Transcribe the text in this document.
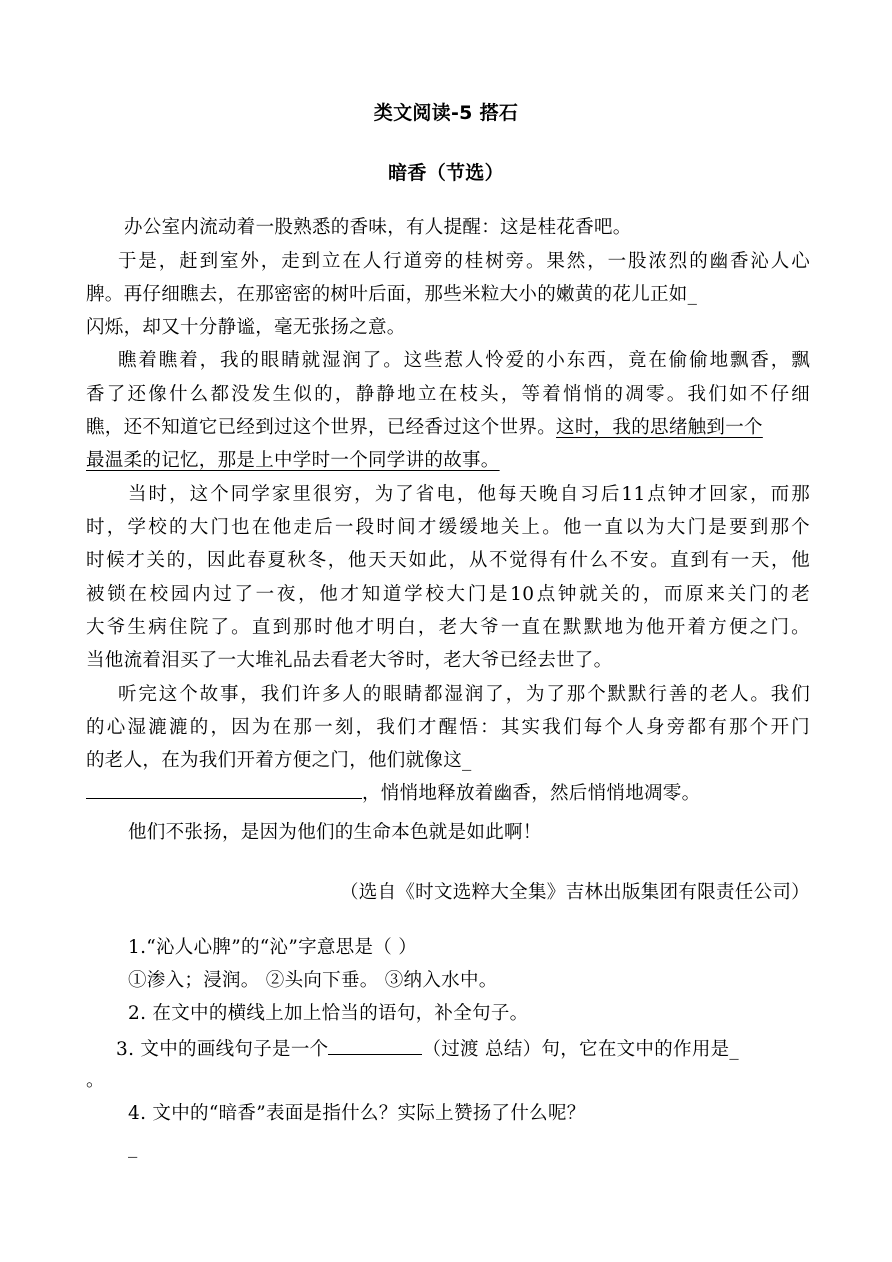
类文阅读-5 搭石
暗香（节选）
办公室内流动着一股熟悉的香味，有人提醒：这是桂花香吧。
于是，赶到室外，走到立在人行道旁的桂树旁。果然，一股浓烈的幽香沁人心
脾。再仔细瞧去，在那密密的树叶后面，那些米粒大小的嫩黄的花儿正如_
闪烁，却又十分静谧，毫无张扬之意。
瞧着瞧着，我的眼睛就湿润了。这些惹人怜爱的小东西，竟在偷偷地飘香，飘
香了还像什么都没发生似的，静静地立在枝头，等着悄悄的凋零。我们如不仔细
瞧，还不知道它已经到过这个世界，已经香过这个世界。这时，我的思绪触到一个
最温柔的记忆，那是上中学时一个同学讲的故事。
当时，这个同学家里很穷，为了省电，他每天晚自习后11点钟才回家，而那
时，学校的大门也在他走后一段时间才缓缓地关上。他一直以为大门是要到那个
时候才关的，因此春夏秋冬，他天天如此，从不觉得有什么不安。直到有一天，他
被锁在校园内过了一夜，他才知道学校大门是10点钟就关的，而原来关门的老
大爷生病住院了。直到那时他才明白，老大爷一直在默默地为他开着方便之门。
当他流着泪买了一大堆礼品去看老大爷时，老大爷已经去世了。
听完这个故事，我们许多人的眼睛都湿润了，为了那个默默行善的老人。我们
的心湿漉漉的，因为在那一刻，我们才醒悟：其实我们每个人身旁都有那个开门
的老人，在为我们开着方便之门，他们就像这_
，悄悄地释放着幽香，然后悄悄地凋零。
他们不张扬，是因为他们的生命本色就是如此啊！
（选自《时文选粹大全集》吉林出版集团有限责任公司）
1.“沁人心脾”的“沁”字意思是（ ）
①渗入；浸润。 ②头向下垂。 ③纳入水中。
2. 在文中的横线上加上恰当的语句，补全句子。
3. 文中的画线句子是一个	（过渡 总结）句，它在文中的作用是_
。
4. 文中的“暗香”表面是指什么？实际上赞扬了什么呢？
_
